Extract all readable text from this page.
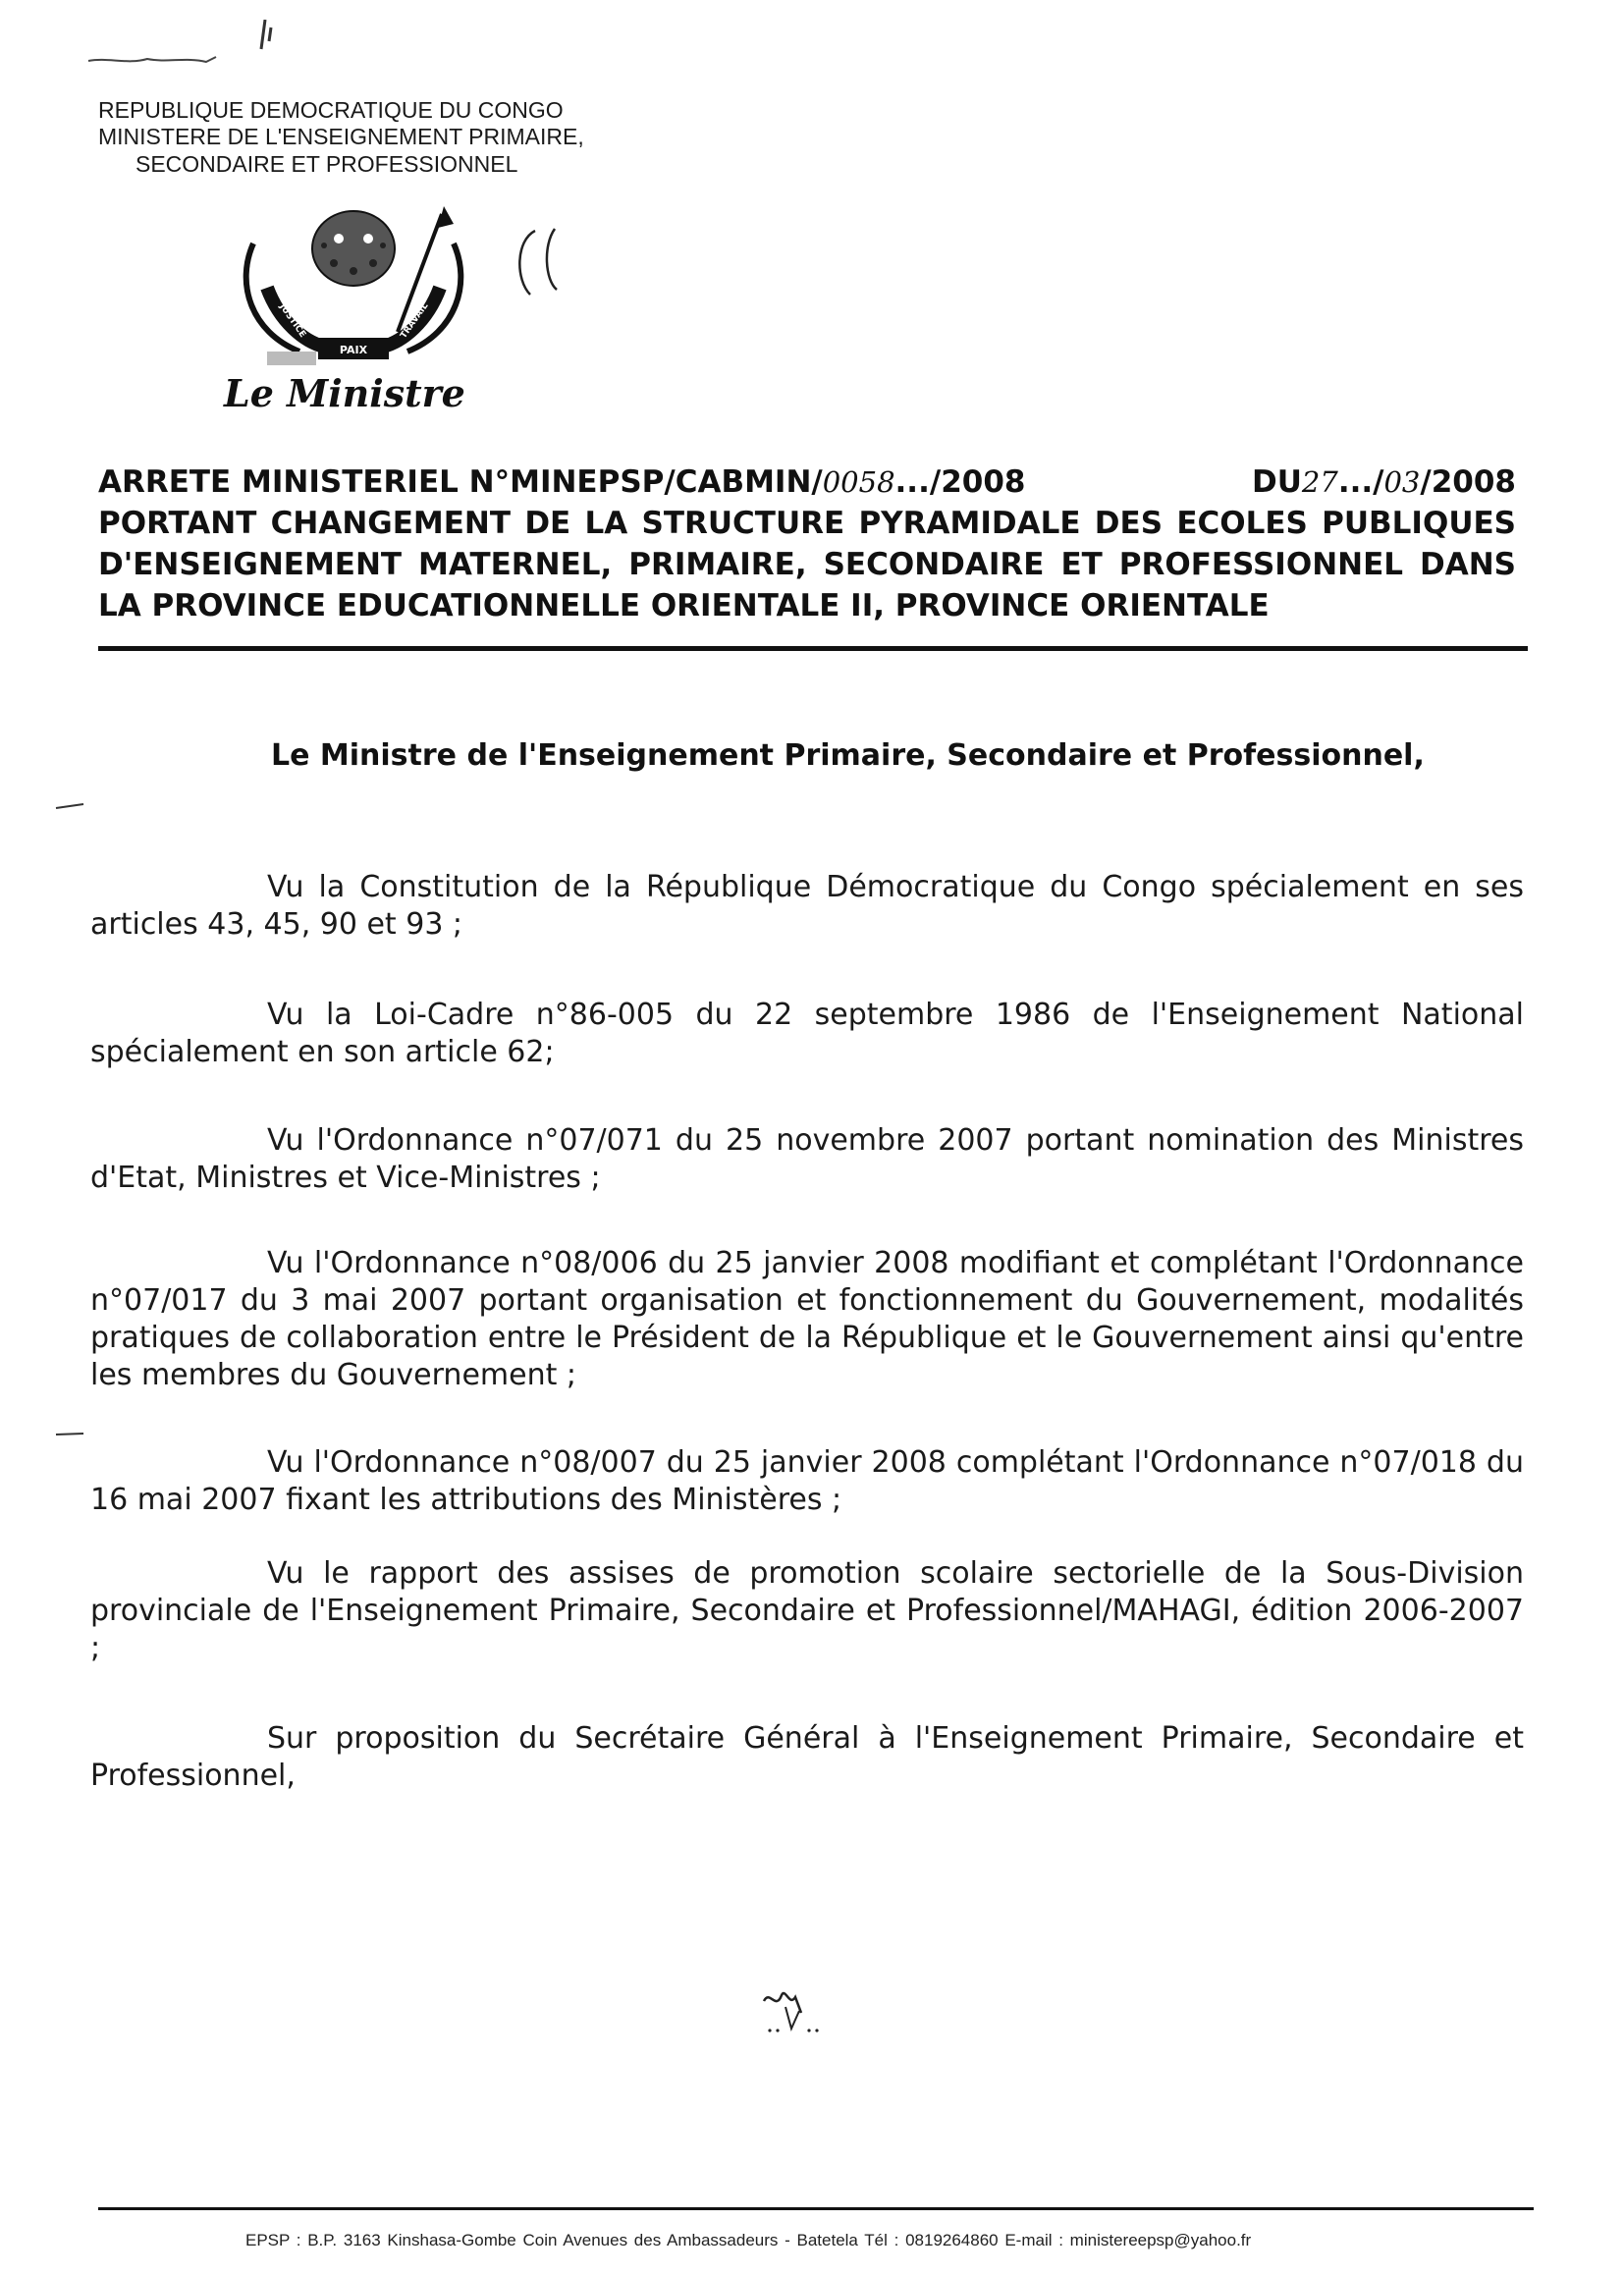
REPUBLIQUE DEMOCRATIQUE DU CONGO
MINISTERE DE L'ENSEIGNEMENT PRIMAIRE,
SECONDAIRE ET PROFESSIONNEL
PAIX
JUSTICE	TRAVAIL
Le Ministre
ARRETE MINISTERIEL N°MINEPSP/CABMIN/0058.../2008	DU27.../03/2008
PORTANT CHANGEMENT DE LA STRUCTURE PYRAMIDALE DES ECOLES PUBLIQUES
D'ENSEIGNEMENT MATERNEL, PRIMAIRE, SECONDAIRE ET PROFESSIONNEL DANS
LA PROVINCE EDUCATIONNELLE ORIENTALE II, PROVINCE ORIENTALE
Le Ministre de l'Enseignement Primaire, Secondaire et Professionnel,

Vu la Constitution de la République Démocratique du Congo spécialement en ses articles 43, 45, 90 et 93 ;

Vu la Loi-Cadre n°86-005 du 22 septembre 1986 de l'Enseignement National spécialement en son article 62;

Vu l'Ordonnance n°07/071 du 25 novembre 2007 portant nomination des Ministres d'Etat, Ministres et Vice-Ministres ;

Vu l'Ordonnance n°08/006 du 25 janvier 2008 modifiant et complétant l'Ordonnance n°07/017 du 3 mai 2007 portant organisation et fonctionnement du Gouvernement, modalités pratiques de collaboration entre le Président de la République et le Gouvernement ainsi qu'entre les membres du Gouvernement ;

Vu l'Ordonnance n°08/007 du 25 janvier 2008 complétant l'Ordonnance n°07/018 du 16 mai 2007 fixant les attributions des Ministères ;

Vu le rapport des assises de promotion scolaire sectorielle de la Sous-Division provinciale de l'Enseignement Primaire, Secondaire et Professionnel/MAHAGI, édition 2006-2007 ;

Sur proposition du Secrétaire Général à l'Enseignement Primaire, Secondaire et Professionnel,

EPSP : B.P. 3163 Kinshasa-Gombe Coin Avenues des Ambassadeurs - Batetela Tél : 0819264860 E-mail : ministereepsp@yahoo.fr
